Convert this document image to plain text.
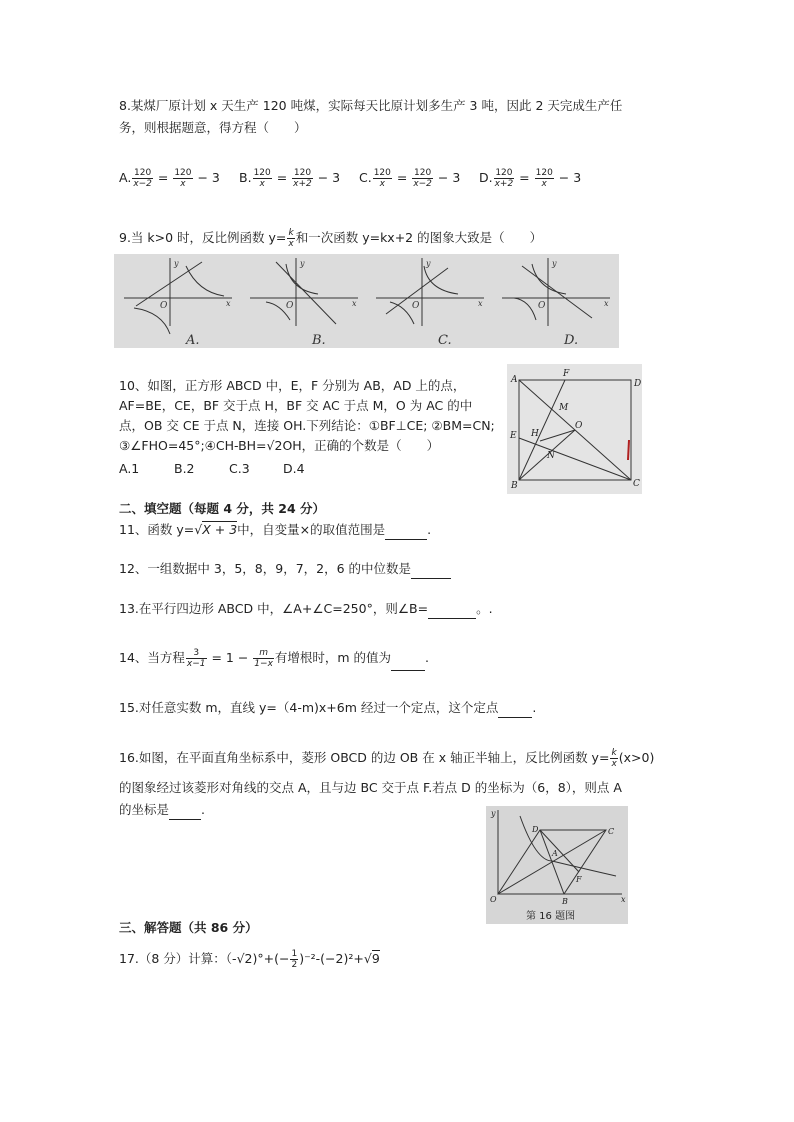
8.某煤厂原计划 x 天生产 120 吨煤，实际每天比原计划多生产 3 吨，因此 2 天完成生产任
务，则根据题意，得方程（　　）
A. $\frac{120}{x-2} = \frac{120}{x} - 3$ B. $\frac{120}{x} = \frac{120}{x+2} - 3$ C. $\frac{120}{x} = \frac{120}{x-2} - 3$ D. $\frac{120}{x+2} = \frac{120}{x} - 3$
9.当 k>0 时，反比例函数 $y= \frac{k}{x}$ 和一次函数 y=kx+2 的图象大致是（　　）
y
x
O
A.
y
x
O
B.
y
x
O
C.
y
x
O
D.
10、如图，正方形 ABCD 中，E，F 分别为 AB，AD 上的点，
AF=BE，CE，BF 交于点 H，BF 交 AC 于点 M，O 为 AC 的中
点，OB 交 CE 于点 N，连接 OH.下列结论：①BF⊥CE; ②BM=CN;
③∠FHO=45°;④CH-BH=√2OH，正确的个数是（　　）
A.1	B.2	C.3	D.4
A
F
D
M
O
E H
N
B	C
二、填空题（每题 4 分，共 24 分）
11、函数 y=√X + 3中，自变量×的取值范围是	.
12、一组数据中 3，5，8，9，7，2，6 的中位数是
13.在平行四边形 ABCD 中，∠A+∠C=250°，则∠B=	。.
14、当方程 $\frac{3}{x-1} = 1 - \frac{m}{1-x}$ 有增根时，m 的值为	.
15.对任意实数 m，直线 y=（4-m)x+6m 经过一个定点，这个定点	.
16.如图，在平面直角坐标系中，菱形 OBCD 的边 OB 在 x 轴正半轴上，反比例函数 $y= \frac{k}{x} (x>0)$
的图象经过该菱形对角线的交点 A，且与边 BC 交于点 F.若点 D 的坐标为（6，8），则点 A
的坐标是	.	y
D	C
A
F
O	B	x
第 16 题图
三、解答题（共 86 分）
17.（8 分）计算：$(-√2)^\circ+(- \frac{1}{2} )^{-2}-(-2)^2+√9$
